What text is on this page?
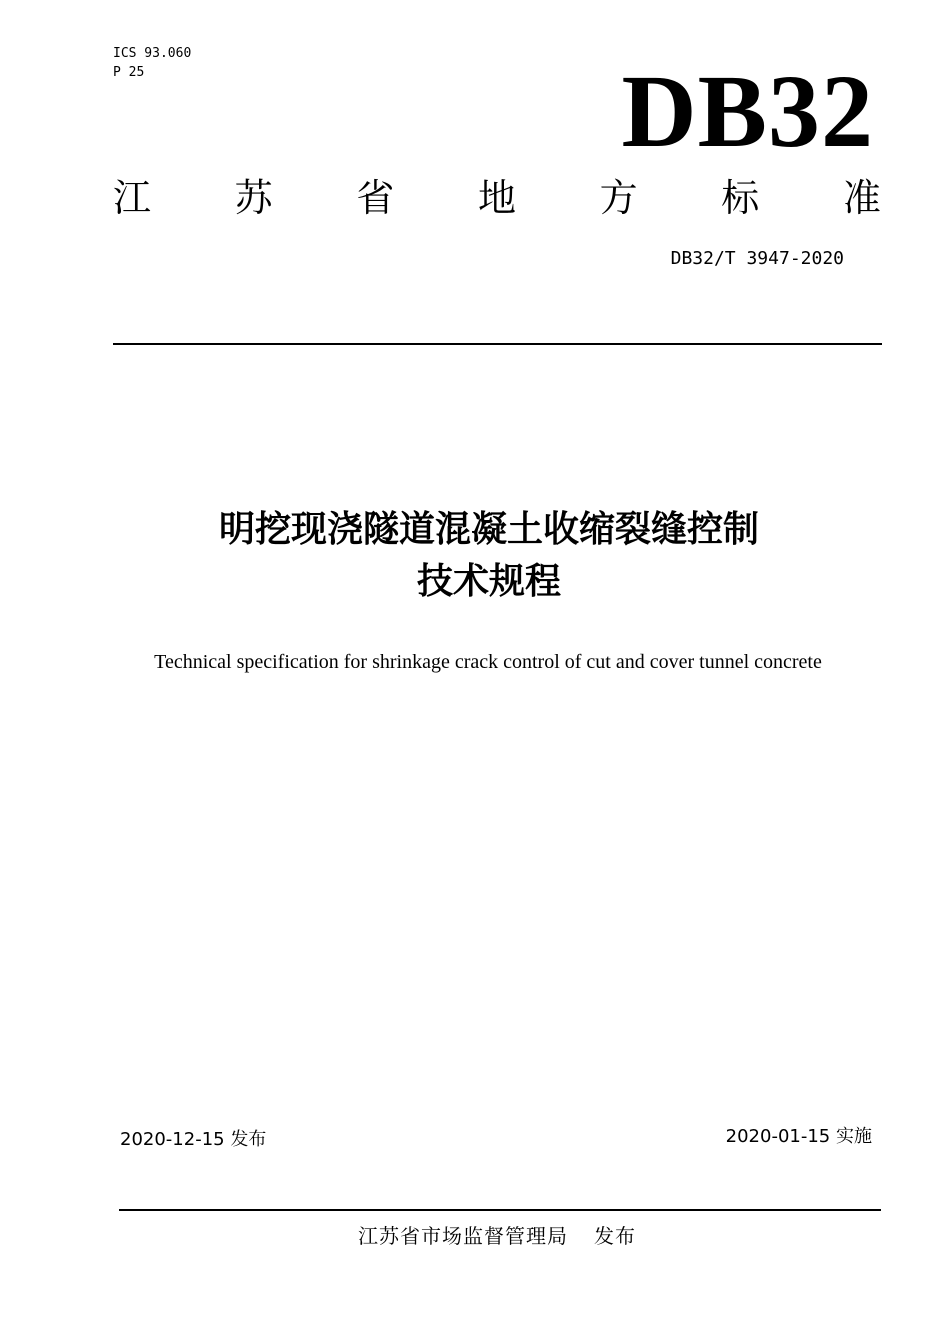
ICS 93.060
P 25	DB32
江 苏 省 地 方 标 准
DB32/T 3947-2020
明挖现浇隧道混凝土收缩裂缝控制
技术规程
Technical specification for shrinkage crack control of cut and cover tunnel concrete
2020-12-15 发布	2020-01-15 实施
江苏省市场监督管理局 发布
